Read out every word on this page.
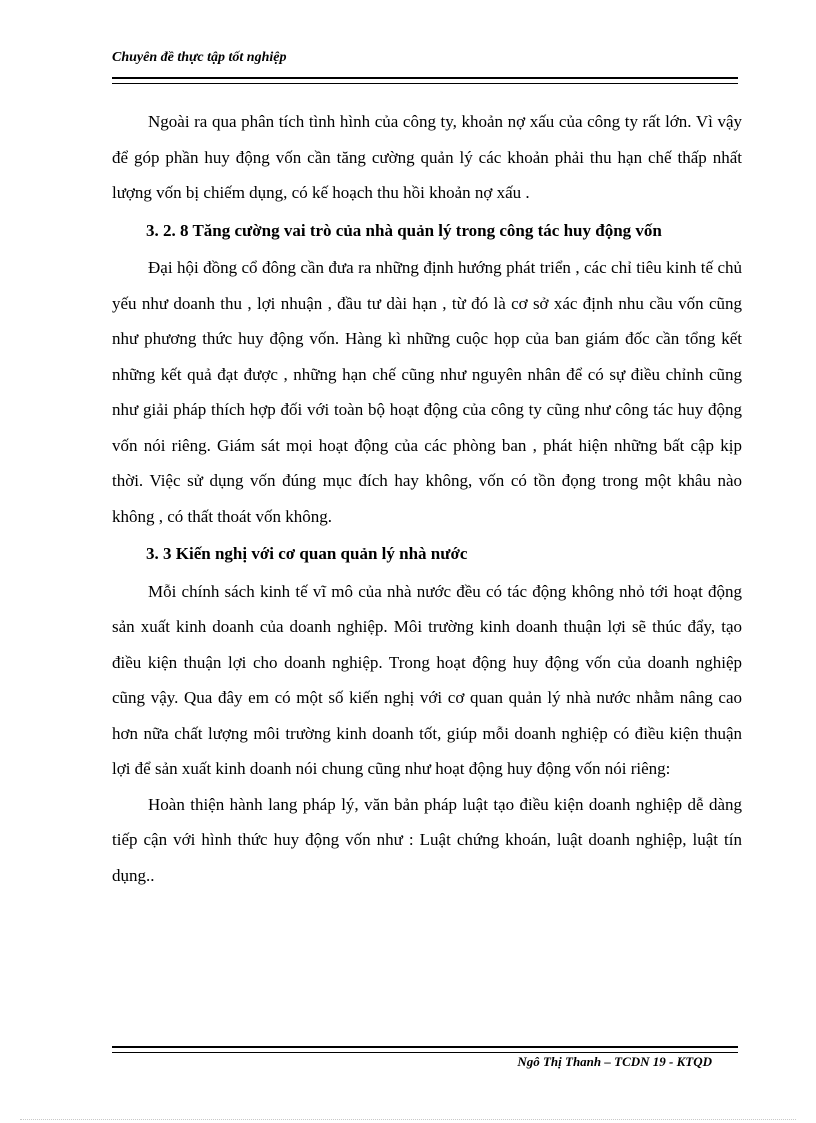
Chuyên đề thực tập tốt nghiệp

Ngoài ra qua phân tích tình hình của công ty, khoản nợ xấu của công ty rất lớn. Vì vậy để góp phần huy động vốn cần tăng cường quản lý các khoản phải thu hạn chế thấp nhất lượng vốn bị chiếm dụng, có kế hoạch thu hồi khoản nợ xấu .

3. 2. 8 Tăng cường vai trò của nhà quản lý trong công tác huy động vốn

Đại hội đồng cổ đông cần đưa ra những định hướng phát triển , các chỉ tiêu kinh tế chủ yếu như doanh thu , lợi nhuận , đầu tư dài hạn , từ đó là cơ sở xác định nhu cầu vốn cũng như phương thức huy động vốn. Hàng kì những cuộc họp của ban giám đốc cần tổng kết những kết quả đạt được , những hạn chế cũng như nguyên nhân để có sự điều chỉnh cũng như giải pháp thích hợp đối với toàn bộ hoạt động của công ty cũng như công tác huy động vốn nói riêng. Giám sát mọi hoạt động của các phòng ban , phát hiện những bất cập kịp thời. Việc sử dụng vốn đúng mục đích hay không, vốn có tồn đọng trong một khâu nào không , có thất thoát vốn không.

3. 3 Kiến nghị với cơ quan quản lý nhà nước

Mỗi chính sách kinh tế vĩ mô của nhà nước đều có tác động không nhỏ tới hoạt động sản xuất kinh doanh của doanh nghiệp. Môi trường kinh doanh thuận lợi sẽ thúc đẩy, tạo điều kiện thuận lợi cho doanh nghiệp. Trong hoạt động huy động vốn của doanh nghiệp cũng vậy. Qua đây em có một số kiến nghị với cơ quan quản lý nhà nước nhằm nâng cao hơn nữa chất lượng môi trường kinh doanh tốt, giúp mỗi doanh nghiệp có điều kiện thuận lợi để sản xuất kinh doanh nói chung cũng như hoạt động huy động vốn nói riêng:

Hoàn thiện hành lang pháp lý, văn bản pháp luật tạo điều kiện doanh nghiệp dễ dàng tiếp cận với hình thức huy động vốn như : Luật chứng khoán, luật doanh nghiệp, luật tín dụng..

Ngô Thị Thanh – TCDN 19 - KTQD
